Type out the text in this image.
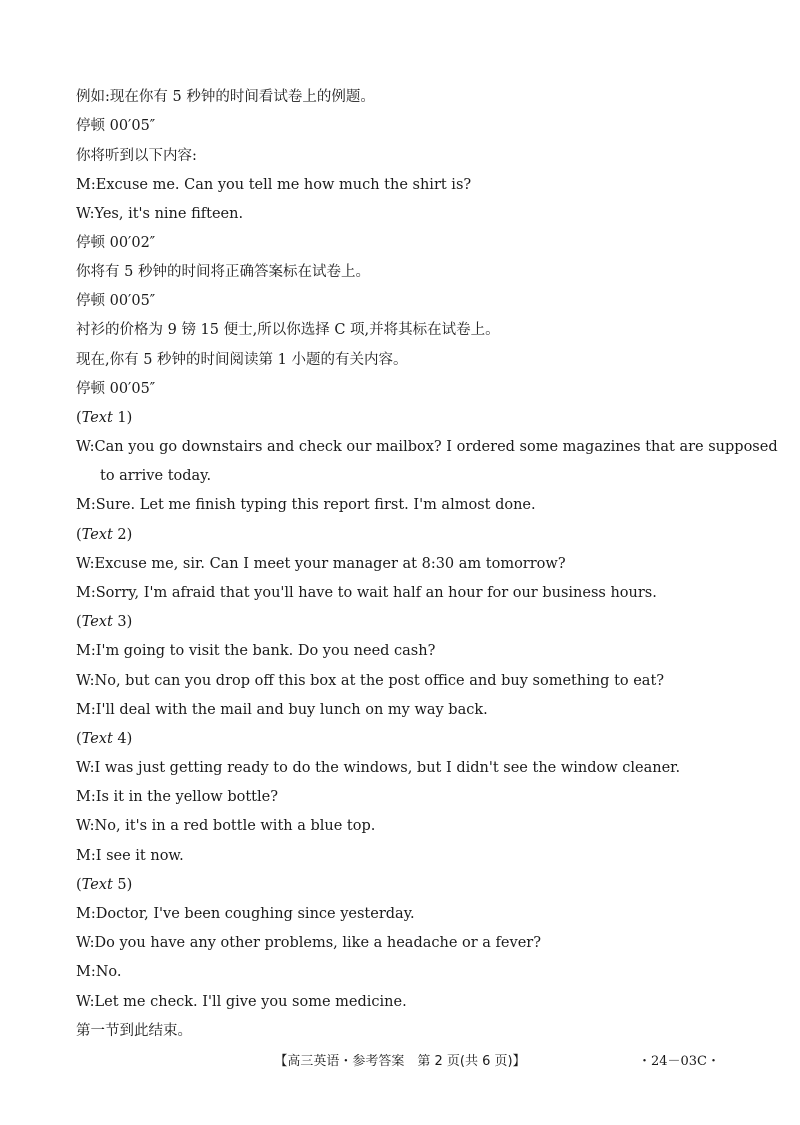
例如:现在你有 5 秒钟的时间看试卷上的例题。
停顿 00′05″
你将听到以下内容:
M:Excuse me. Can you tell me how much the shirt is?
W:Yes, it's nine fifteen.
停顿 00′02″
你将有 5 秒钟的时间将正确答案标在试卷上。
停顿 00′05″
衬衫的价格为 9 镑 15 便士,所以你选择 C 项,并将其标在试卷上。
现在,你有 5 秒钟的时间阅读第 1 小题的有关内容。
停顿 00′05″
(Text 1)
W:Can you go downstairs and check our mailbox? I ordered some magazines that are supposed
to arrive today.
M:Sure. Let me finish typing this report first. I'm almost done.
(Text 2)
W:Excuse me, sir. Can I meet your manager at 8:30 am tomorrow?
M:Sorry, I'm afraid that you'll have to wait half an hour for our business hours.
(Text 3)
M:I'm going to visit the bank. Do you need cash?
W:No, but can you drop off this box at the post office and buy something to eat?
M:I'll deal with the mail and buy lunch on my way back.
(Text 4)
W:I was just getting ready to do the windows, but I didn't see the window cleaner.
M:Is it in the yellow bottle?
W:No, it's in a red bottle with a blue top.
M:I see it now.
(Text 5)
M:Doctor, I've been coughing since yesterday.
W:Do you have any other problems, like a headache or a fever?
M:No.
W:Let me check. I'll give you some medicine.
第一节到此结束。
【高三英语・参考答案　第 2 页(共 6 页)】	・24－03C・
